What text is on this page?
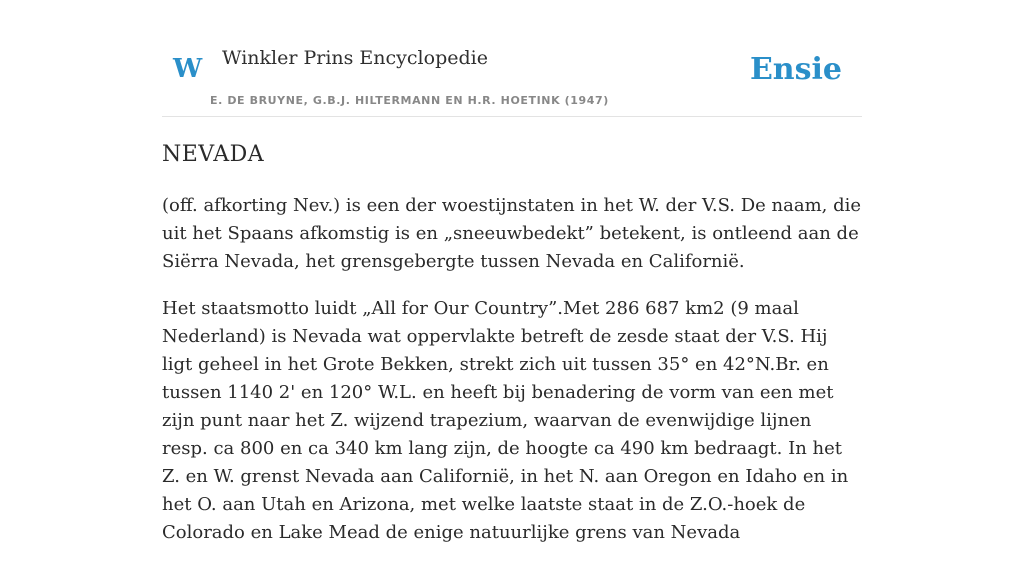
W Winkler Prins Encyclopedie
E. DE BRUYNE, G.B.J. HILTERMANN EN H.R. HOETINK (1947)
Ensie
NEVADA

(off. afkorting Nev.) is een der woestijnstaten in het W. der V.S. De naam, die uit het Spaans afkomstig is en „sneeuwbedekt” betekent, is ontleend aan de Siërra Nevada, het grensgebergte tussen Nevada en Californië.

Het staatsmotto luidt „All for Our Country”.Met 286 687 km2 (9 maal Nederland) is Nevada wat oppervlakte betreft de zesde staat der V.S. Hij ligt geheel in het Grote Bekken, strekt zich uit tussen 35° en 42°N.Br. en tussen 1140 2' en 120° W.L. en heeft bij benadering de vorm van een met zijn punt naar het Z. wijzend trapezium, waarvan de evenwijdige lijnen resp. ca 800 en ca 340 km lang zijn, de hoogte ca 490 km bedraagt. In het Z. en W. grenst Nevada aan Californië, in het N. aan Oregon en Idaho en in het O. aan Utah en Arizona, met welke laatste staat in de Z.O.-hoek de Colorado en Lake Mead de enige natuurlijke grens van Nevada
